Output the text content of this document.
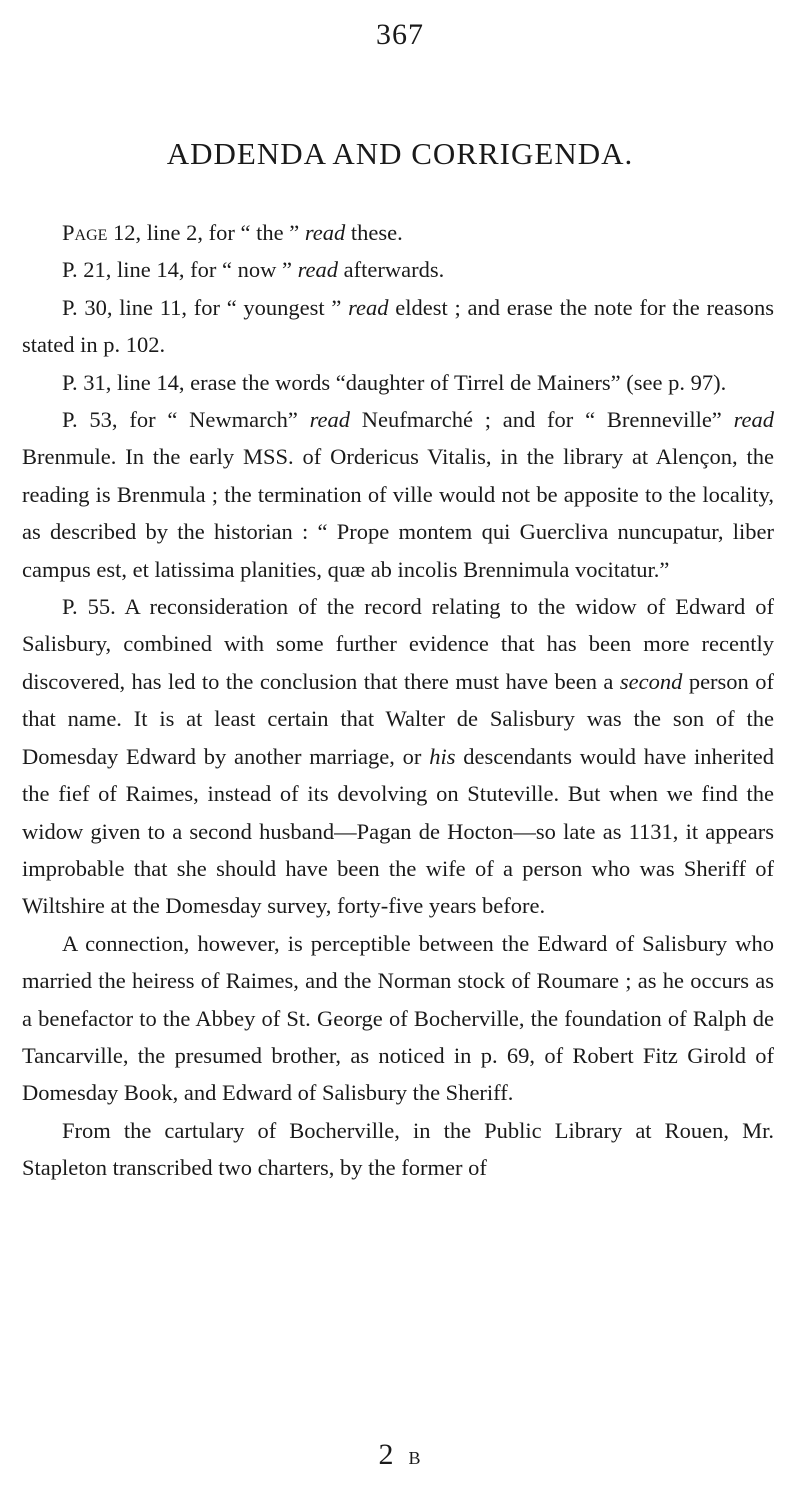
367
ADDENDA AND CORRIGENDA.

Page 12, line 2, for “ the ” read these.

P. 21, line 14, for “ now ” read afterwards.

P. 30, line 11, for “ youngest ” read eldest ; and erase the note for the reasons stated in p. 102.

P. 31, line 14, erase the words “daughter of Tirrel de Mainers” (see p. 97).

P. 53, for “ Newmarch” read Neufmarché ; and for “ Brenneville” read Brenmule. In the early MSS. of Ordericus Vitalis, in the library at Alençon, the reading is Brenmula ; the termination of ville would not be apposite to the locality, as described by the historian : “ Prope montem qui Guercliva nuncupatur, liber campus est, et latissima planities, quæ ab incolis Brennimula vocitatur.”

P. 55. A reconsideration of the record relating to the widow of Edward of Salisbury, combined with some further evidence that has been more recently discovered, has led to the conclusion that there must have been a second person of that name. It is at least certain that Walter de Salisbury was the son of the Domesday Edward by another marriage, or his descendants would have inherited the fief of Raimes, instead of its devolving on Stuteville. But when we find the widow given to a second husband—Pagan de Hocton—so late as 1131, it appears improbable that she should have been the wife of a person who was Sheriff of Wiltshire at the Domesday survey, forty-five years before.

A connection, however, is perceptible between the Edward of Salisbury who married the heiress of Raimes, and the Norman stock of Roumare ; as he occurs as a benefactor to the Abbey of St. George of Bocherville, the foundation of Ralph de Tancarville, the presumed brother, as noticed in p. 69, of Robert Fitz Girold of Domesday Book, and Edward of Salisbury the Sheriff.

From the cartulary of Bocherville, in the Public Library at Rouen, Mr. Stapleton transcribed two charters, by the former of

2 B
